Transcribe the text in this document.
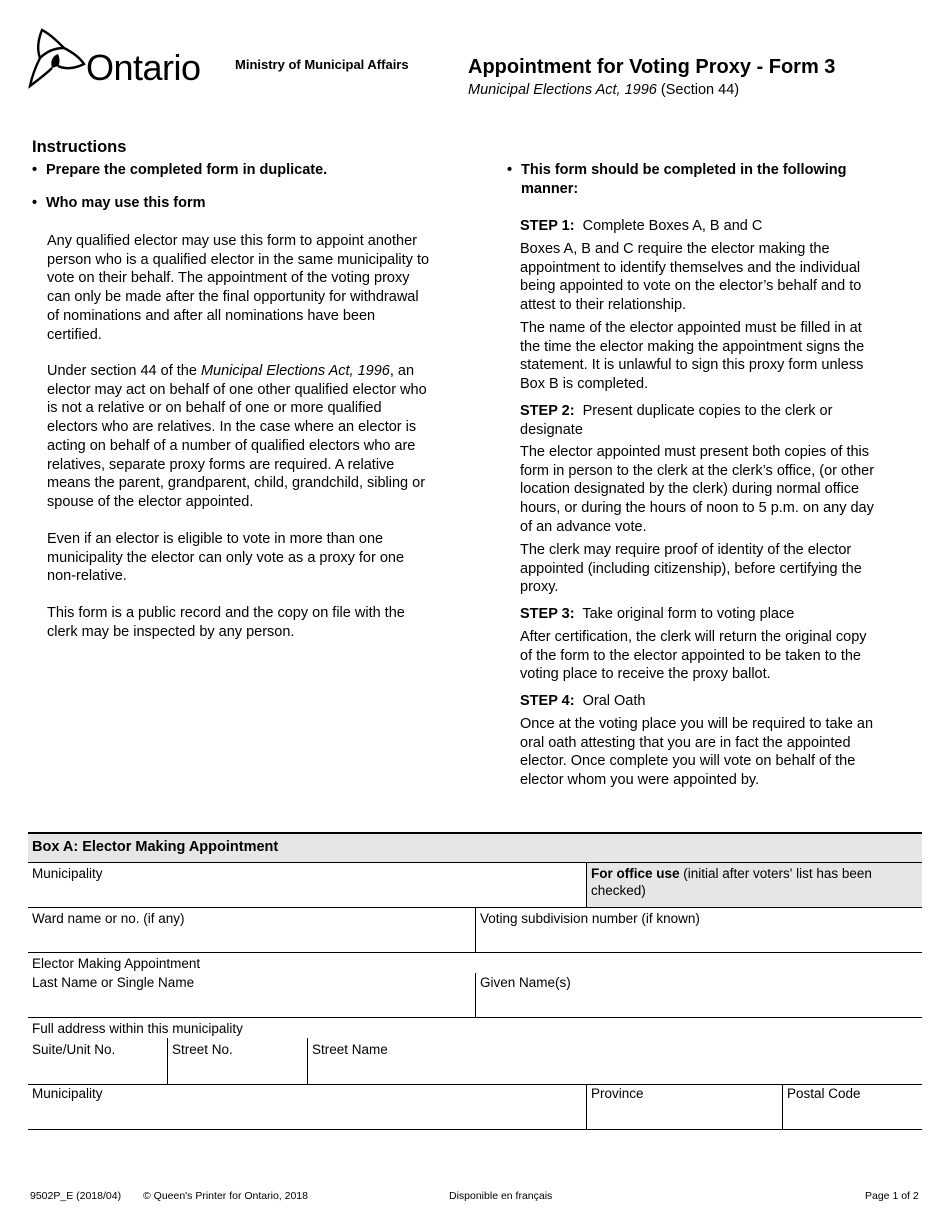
Ontario	Ministry of Municipal Affairs	Appointment for Voting Proxy - Form 3
Municipal Elections Act, 1996 (Section 44)
Instructions
• Prepare the completed form in duplicate.
• Who may use this form
Any qualified elector may use this form to appoint another
person who is a qualified elector in the same municipality to
vote on their behalf. The appointment of the voting proxy
can only be made after the final opportunity for withdrawal
of nominations and after all nominations have been
certified.
Under section 44 of the Municipal Elections Act, 1996, an
elector may act on behalf of one other qualified elector who
is not a relative or on behalf of one or more qualified
electors who are relatives. In the case where an elector is
acting on behalf of a number of qualified electors who are
relatives, separate proxy forms are required. A relative
means the parent, grandparent, child, grandchild, sibling or
spouse of the elector appointed.
Even if an elector is eligible to vote in more than one
municipality the elector can only vote as a proxy for one
non-relative.
This form is a public record and the copy on file with the
clerk may be inspected by any person.
• This form should be completed in the following
manner:
STEP 1: Complete Boxes A, B and C
Boxes A, B and C require the elector making the
appointment to identify themselves and the individual
being appointed to vote on the elector’s behalf and to
attest to their relationship.
The name of the elector appointed must be filled in at
the time the elector making the appointment signs the
statement. It is unlawful to sign this proxy form unless
Box B is completed.
STEP 2: Present duplicate copies to the clerk or
designate
The elector appointed must present both copies of this
form in person to the clerk at the clerk’s office, (or other
location designated by the clerk) during normal office
hours, or during the hours of noon to 5 p.m. on any day
of an advance vote.
The clerk may require proof of identity of the elector
appointed (including citizenship), before certifying the
proxy.
STEP 3: Take original form to voting place
After certification, the clerk will return the original copy
of the form to the elector appointed to be taken to the
voting place to receive the proxy ballot.
STEP 4: Oral Oath
Once at the voting place you will be required to take an
oral oath attesting that you are in fact the appointed
elector. Once complete you will vote on behalf of the
elector whom you were appointed by.
Box A: Elector Making Appointment
Municipality	For office use (initial after voters' list has been
checked)
Ward name or no. (if any)	Voting subdivision number (if known)
Elector Making Appointment
Last Name or Single Name	Given Name(s)
Full address within this municipality
Suite/Unit No.	Street No.	Street Name
Municipality	Province	Postal Code
9502P_E (2018/04) © Queen's Printer for Ontario, 2018	Disponible en français	Page 1 of 2
